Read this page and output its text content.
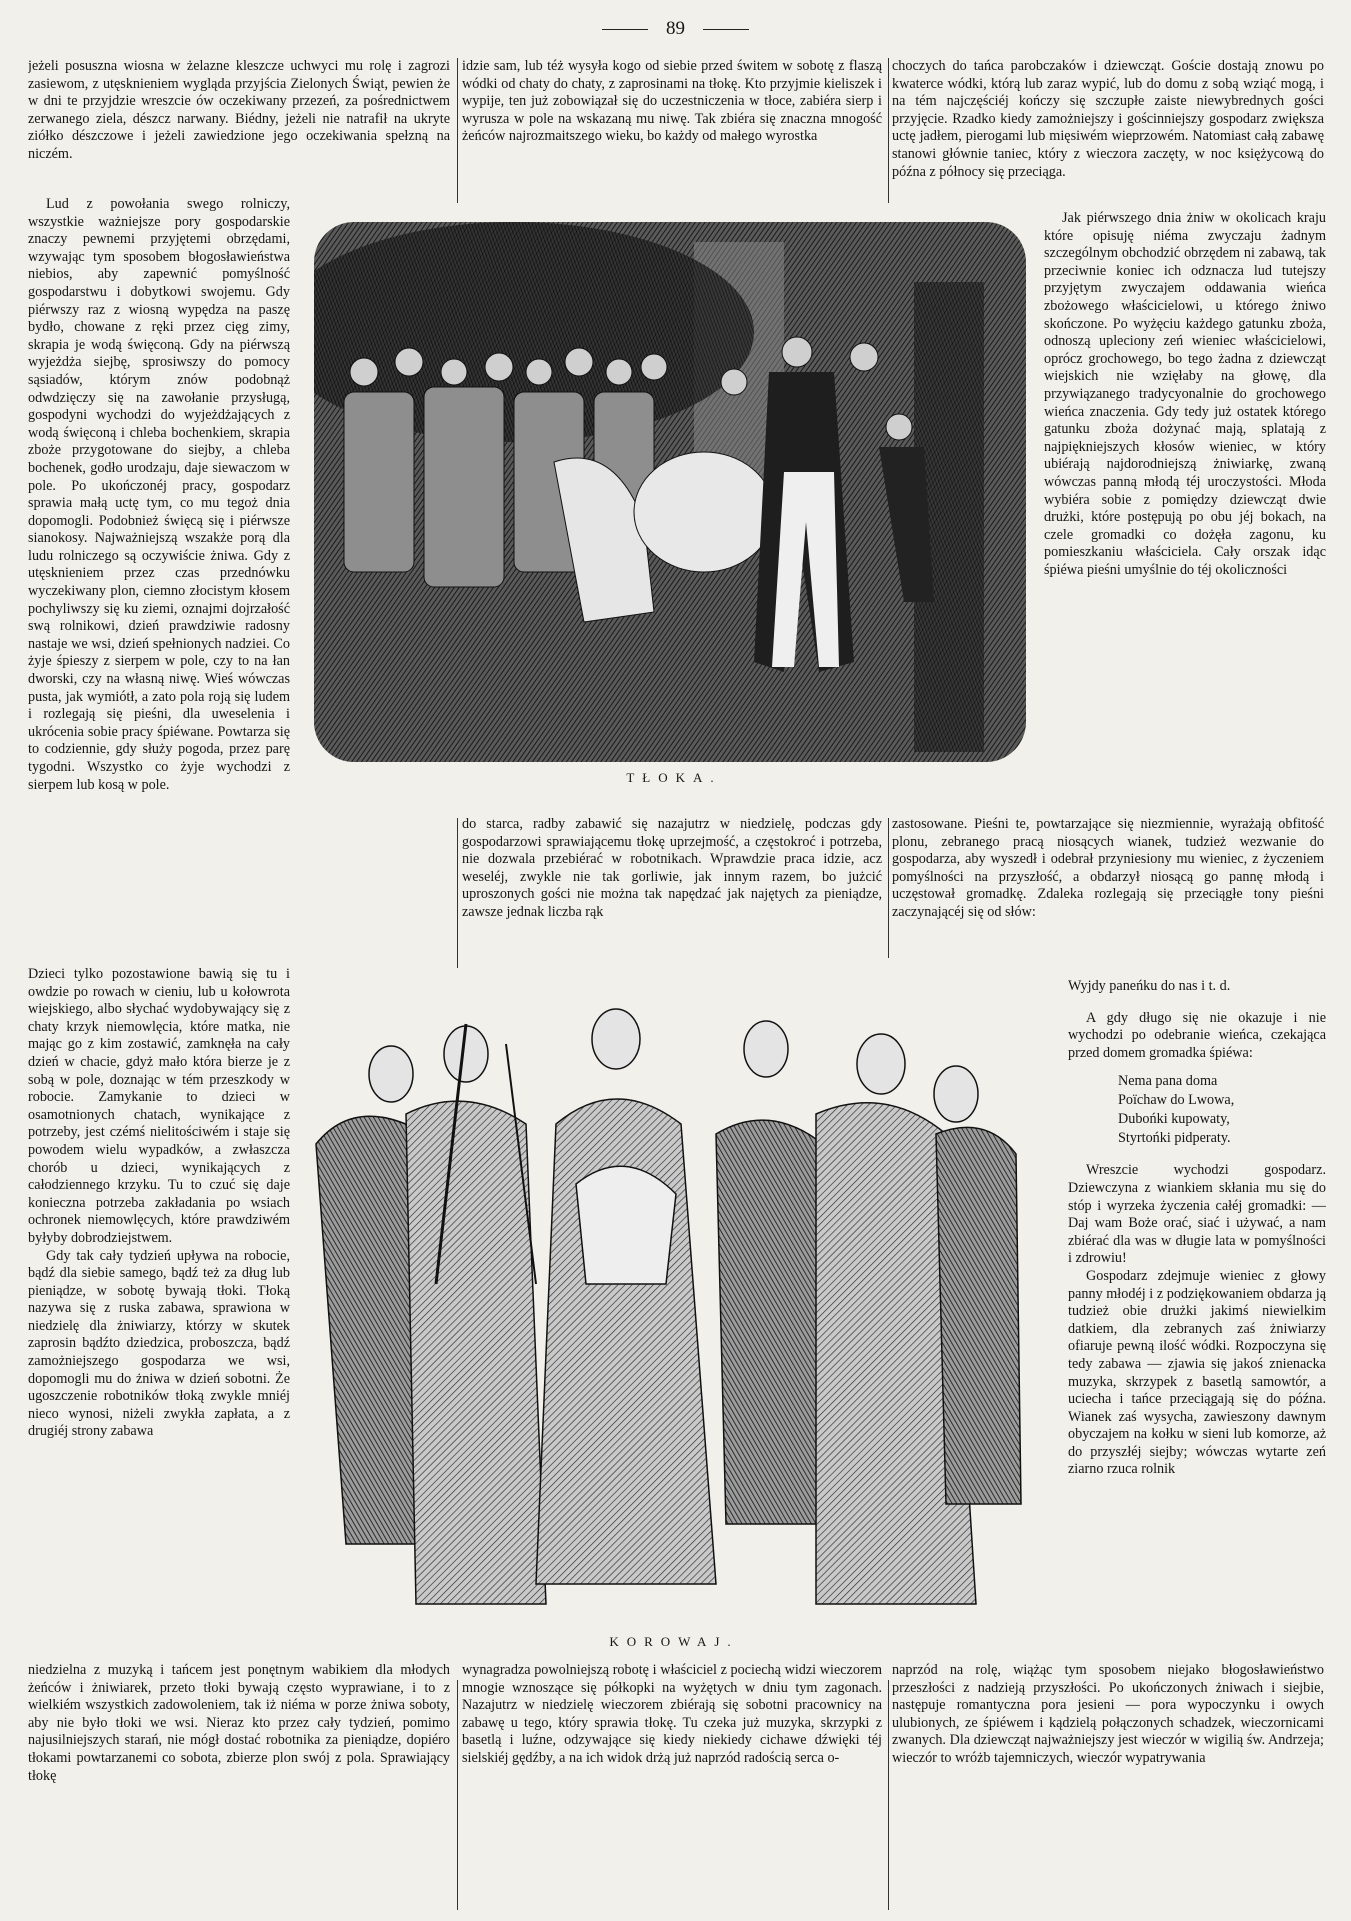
89

jeżeli posuszna wiosna w żelazne kleszcze uchwyci mu rolę i zagrozi zasiewom, z utęsknieniem wygląda przyjścia Zielonych Świąt, pewien że w dni te przyjdzie wreszcie ów oczekiwany przezeń, za pośrednictwem zerwanego ziela, dészcz narwany. Biédny, jeżeli nie natrafił na ukryte ziółko dészczowe i jeżeli zawiedzione jego oczekiwania spełzną na niczém.

idzie sam, lub téż wysyła kogo od siebie przed świtem w sobotę z flaszą wódki od chaty do chaty, z zaprosinami na tłokę. Kto przyjmie kieliszek i wypije, ten już zobowiązał się do uczestniczenia w tłoce, zabiéra sierp i wyrusza w pole na wskazaną mu niwę. Tak zbiéra się znaczna mnogość żeńców najrozmaitszego wieku, bo każdy od małego wyrostka

choczych do tańca parobczaków i dziewcząt. Goście dostają znowu po kwaterce wódki, którą lub zaraz wypić, lub do domu z sobą wziąć mogą, i na tém najczęściéj kończy się szczupłe zaiste niewybrednych gości przyjęcie. Rzadko kiedy zamożniejszy i gościnniejszy gospodarz zwiększa uctę jadłem, pierogami lub mięsiwém wieprzowém. Natomiast całą zabawę stanowi głównie taniec, który z wieczora zaczęty, w noc księżycową do późna z północy się przeciąga.

Lud z powołania swego rolniczy, wszystkie ważniejsze pory gospodarskie znaczy pewnemi przyjętemi obrzędami, wzywając tym sposobem błogosławieństwa niebios, aby zapewnić pomyślność gospodarstwu i dobytkowi swojemu. Gdy piérwszy raz z wiosną wypędza na paszę bydło, chowane z ręki przez cięg zimy, skrapia je wodą święconą. Gdy na piérwszą wyjeżdża siejbę, sprosiwszy do pomocy sąsiadów, którym znów podobnąż odwdzięczy się na zawołanie przysługą, gospodyni wychodzi do wyjeżdżających z wodą święconą i chleba bochenkiem, skrapia zboże przygotowane do siejby, a chleba bochenek, godło urodzaju, daje siewaczom w pole. Po ukończonéj pracy, gospodarz sprawia małą uctę tym, co mu tegoż dnia dopomogli. Podobnież święcą się i piérwsze sianokosy. Najważniejszą wszakże porą dla ludu rolniczego są oczywiście żniwa. Gdy z utęsknieniem przez czas przednówku wyczekiwany plon, ciemno złocistym kłosem pochyliwszy się ku ziemi, oznajmi dojrzałość swą rolnikowi, dzień prawdziwie radosny nastaje we wsi, dzień spełnionych nadziei. Co żyje śpieszy z sierpem w pole, czy to na łan dworski, czy na własną niwę. Wieś wówczas pusta, jak wymiótł, a zato pola roją się ludem i rozlegają się pieśni, dla uweselenia i ukrócenia sobie pracy śpiéwane. Powtarza się to codziennie, gdy służy pogoda, przez parę tygodni. Wszystko co żyje wychodzi z sierpem lub kosą w pole.

Dzieci tylko pozostawione bawią się tu i owdzie po rowach w cieniu, lub u kołowrota wiejskiego, albo słychać wydobywający się z chaty krzyk niemowlęcia, które matka, nie mając go z kim zostawić, zamknęła na cały dzień w chacie, gdyż mało która bierze je z sobą w pole, doznając w tém przeszkody w robocie. Zamykanie to dzieci w osamotnionych chatach, wynikające z potrzeby, jest czémś nielitościwém i staje się powodem wielu wypadków, a zwłaszcza chorób u dzieci, wynikających z całodziennego krzyku. Tu to czuć się daje konieczna potrzeba zakładania po wsiach ochronek niemowlęcych, które prawdziwém byłyby dobrodziejstwem.

Gdy tak cały tydzień upływa na robocie, bądź dla siebie samego, bądź też za dług lub pieniądze, w sobotę bywają tłoki. Tłoką nazywa się z ruska zabawa, sprawiona w niedzielę dla żniwiarzy, którzy w skutek zaprosin bądźto dziedzica, proboszcza, bądź zamożniejszego gospodarza we wsi, dopomogli mu do żniwa w dzień sobotni. Że ugoszczenie robotników tłoką zwykle mniéj nieco wynosi, niżeli zwykła zapłata, a z drugiéj strony zabawa

TŁOKA.

Jak piérwszego dnia żniw w okolicach kraju które opisuję niéma zwyczaju żadnym szczególnym obchodzić obrzędem ni zabawą, tak przeciwnie koniec ich odznacza lud tutejszy przyjętym zwyczajem oddawania wieńca zbożowego właścicielowi, u którego żniwo skończone. Po wyżęciu każdego gatunku zboża, odnoszą upleciony zeń wieniec właścicielowi, oprócz grochowego, bo tego żadna z dziewcząt wiejskich nie wzięłaby na głowę, dla przywiązanego tradycyonalnie do grochowego wieńca znaczenia. Gdy tedy już ostatek którego gatunku zboża dożynać mają, splatają z najpiękniejszych kłosów wieniec, w który ubiérają najdorodniejszą żniwiarkę, zwaną wówczas panną młodą téj uroczystości. Młoda wybiéra sobie z pomiędzy dziewcząt dwie drużki, które postępują po obu jéj bokach, na czele gromadki co dożęła zagonu, ku pomieszkaniu właściciela. Cały orszak idąc śpiéwa pieśni umyślnie do téj okoliczności

do starca, radby zabawić się nazajutrz w niedzielę, podczas gdy gospodarzowi sprawiającemu tłokę uprzejmość, a częstokroć i potrzeba, nie dozwala przebiérać w robotnikach. Wprawdzie praca idzie, acz weseléj, zwykle nie tak gorliwie, jak innym razem, bo jużcić uproszonych gości nie można tak napędzać jak najętych za pieniądze, zawsze jednak liczba rąk

zastosowane. Pieśni te, powtarzające się niezmiennie, wyrażają obfitość plonu, zebranego pracą niosących wianek, tudzież wezwanie do gospodarza, aby wyszedł i odebrał przyniesiony mu wieniec, z życzeniem pomyślności na przyszłość, a obdarzył niosącą go pannę młodą i uczęstował gromadkę. Zdaleka rozlegają się przeciągłe tony pieśni zaczynającéj się od słów:

Wyjdy paneńku do nas i t. d.

A gdy długo się nie okazuje i nie wychodzi po odebranie wieńca, czekająca przed domem gromadka śpiéwa:

Nema pana doma
Poïchaw do Lwowa,
Dubońki kupowaty,
Styrtońki pidperaty.

Wreszcie wychodzi gospodarz. Dziewczyna z wiankiem skłania mu się do stóp i wyrzeka życzenia całéj gromadki: — Daj wam Boże orać, siać i używać, a nam zbiérać dla was w długie lata w pomyślności i zdrowiu!

Gospodarz zdejmuje wieniec z głowy panny młodéj i z podziękowaniem obdarza ją tudzież obie drużki jakimś niewielkim datkiem, dla zebranych zaś żniwiarzy ofiaruje pewną ilość wódki. Rozpoczyna się tedy zabawa — zjawia się jakoś znienacka muzyka, skrzypek z basetlą samowtór, a uciecha i tańce przeciągają się do późna. Wianek zaś wysycha, zawieszony dawnym obyczajem na kołku w sieni lub komorze, aż do przyszłéj siejby; wówczas wytarte zeń ziarno rzuca rolnik

KOROWAJ.

niedzielna z muzyką i tańcem jest ponętnym wabikiem dla młodych żeńców i żniwiarek, przeto tłoki bywają często wyprawiane, i to z wielkiém wszystkich zadowoleniem, tak iż niéma w porze żniwa soboty, aby nie było tłoki we wsi. Nieraz kto przez cały tydzień, pomimo najusilniejszych starań, nie mógł dostać robotnika za pieniądze, dopiéro tłokami powtarzanemi co sobota, zbierze plon swój z pola. Sprawiający tłokę

wynagradza powolniejszą robotę i właściciel z pociechą widzi wieczorem mnogie wznoszące się półkopki na wyżętych w dniu tym zagonach. Nazajutrz w niedzielę wieczorem zbiérają się sobotni pracownicy na zabawę u tego, który sprawia tłokę. Tu czeka już muzyka, skrzypki z basetlą i luźne, odzywające się kiedy niekiedy cichawe dźwięki téj sielskiéj gędźby, a na ich widok drżą już naprzód radością serca o-

naprzód na rolę, wiążąc tym sposobem niejako błogosławieństwo przeszłości z nadzieją przyszłości. Po ukończonych żniwach i siejbie, następuje romantyczna pora jesieni — pora wypoczynku i owych ulubionych, ze śpiéwem i kądzielą połączonych schadzek, wieczornicami zwanych. Dla dziewcząt najważniejszy jest wieczór w wigilią św. Andrzeja; wieczór to wróżb tajemniczych, wieczór wypatrywania
